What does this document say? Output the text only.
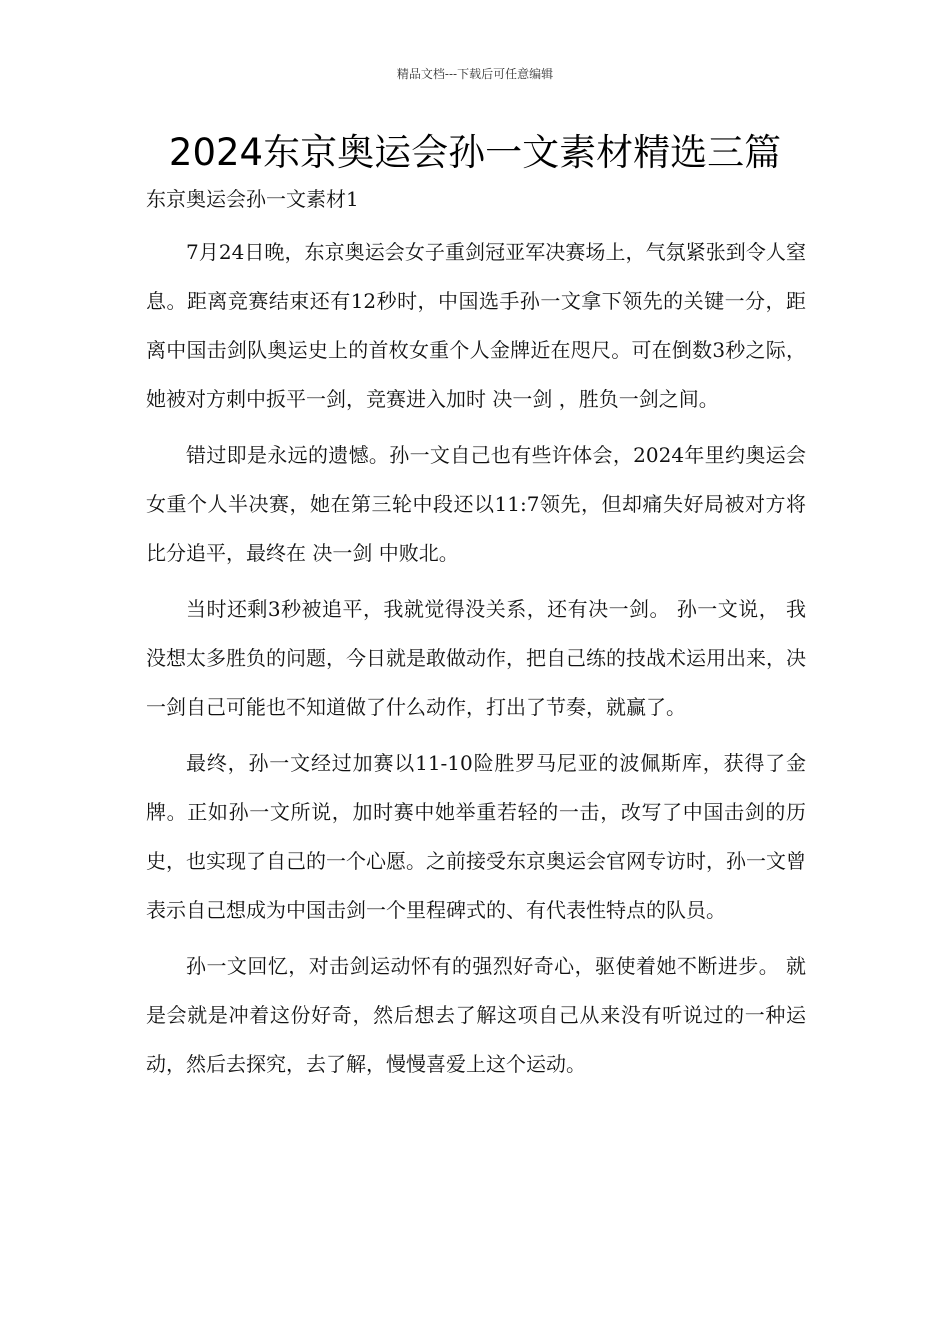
精品文档---下载后可任意编辑
2024东京奥运会孙一文素材精选三篇
东京奥运会孙一文素材1

7月24日晚，东京奥运会女子重剑冠亚军决赛场上，气氛紧张到令人窒息。距离竞赛结束还有12秒时，中国选手孙一文拿下领先的关键一分，距离中国击剑队奥运史上的首枚女重个人金牌近在咫尺。可在倒数3秒之际，她被对方刺中扳平一剑，竞赛进入加时 决一剑 ，胜负一剑之间。

错过即是永远的遗憾。孙一文自己也有些许体会，2024年里约奥运会女重个人半决赛，她在第三轮中段还以11:7领先，但却痛失好局被对方将比分追平，最终在 决一剑 中败北。

当时还剩3秒被追平，我就觉得没关系，还有决一剑。 孙一文说， 我没想太多胜负的问题，今日就是敢做动作，把自己练的技战术运用出来，决一剑自己可能也不知道做了什么动作，打出了节奏，就赢了。

最终，孙一文经过加赛以11-10险胜罗马尼亚的波佩斯库，获得了金牌。正如孙一文所说，加时赛中她举重若轻的一击，改写了中国击剑的历史，也实现了自己的一个心愿。之前接受东京奥运会官网专访时，孙一文曾表示自己想成为中国击剑一个里程碑式的、有代表性特点的队员。

孙一文回忆，对击剑运动怀有的强烈好奇心，驱使着她不断进步。 就是会就是冲着这份好奇，然后想去了解这项自己从来没有听说过的一种运动，然后去探究，去了解，慢慢喜爱上这个运动。
